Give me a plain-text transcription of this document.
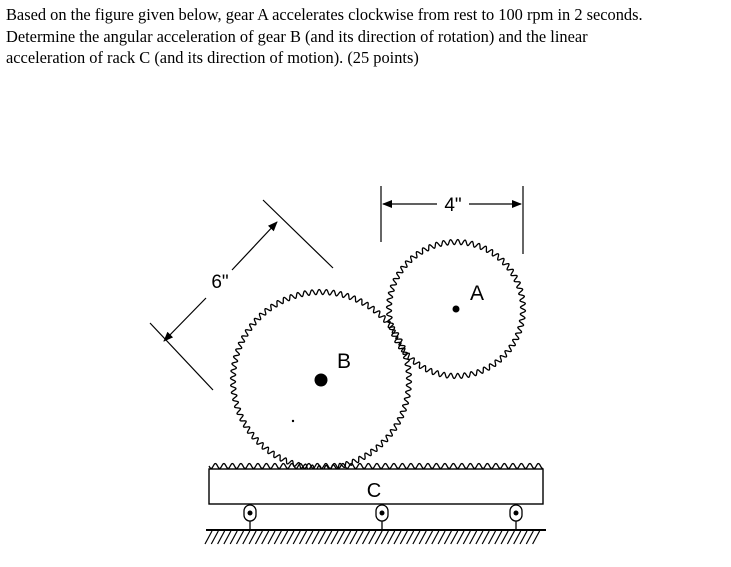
Based on the figure given below, gear A accelerates clockwise from rest to 100 rpm in 2 seconds.
Determine the angular acceleration of gear B (and its direction of rotation) and the linear
acceleration of rack C (and its direction of motion). (25 points)
A
B
4"
6"
C
